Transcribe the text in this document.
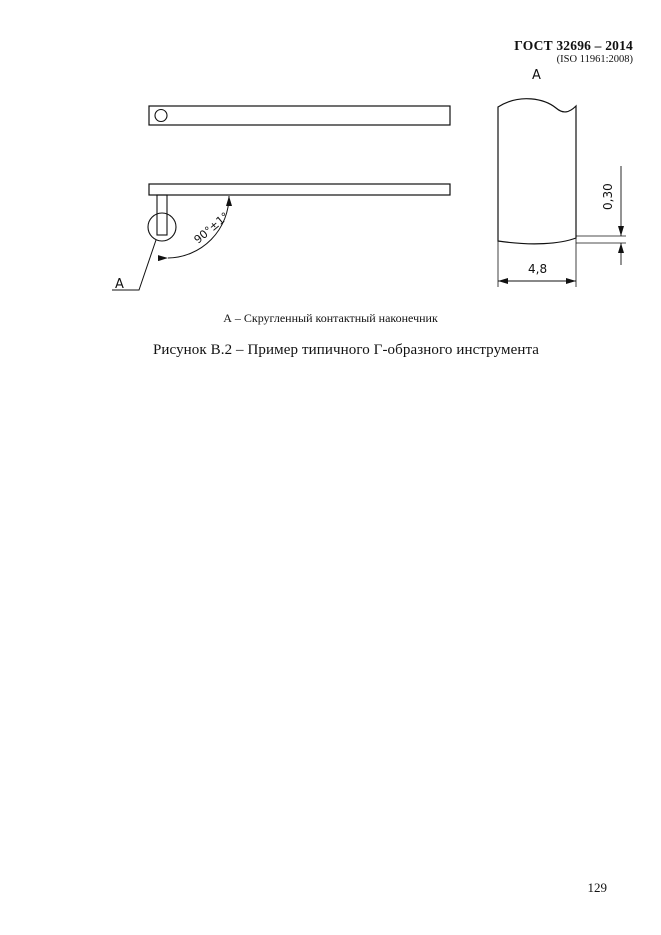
ГОСТ 32696 – 2014
(ISO 11961:2008)
А
90°±1°
А
0,30
4,8
А – Скругленный контактный наконечник
Рисунок В.2 – Пример типичного Г-образного инструмента
129
